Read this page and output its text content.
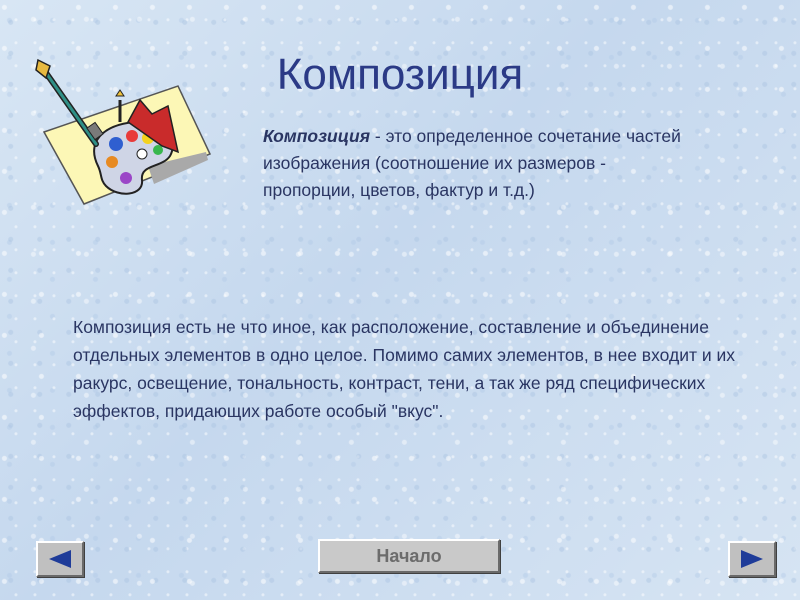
Композиция
Композиция - это определенное сочетание частей изображения (соотношение их размеров - пропорции, цветов, фактур и т.д.)
Композиция есть не что иное, как расположение, составление и объединение отдельных элементов в одно целое. Помимо самих элементов, в нее входит и их ракурс, освещение, тональность, контраст, тени, а так же ряд специфических эффектов, придающих работе особый "вкус".
Начало
